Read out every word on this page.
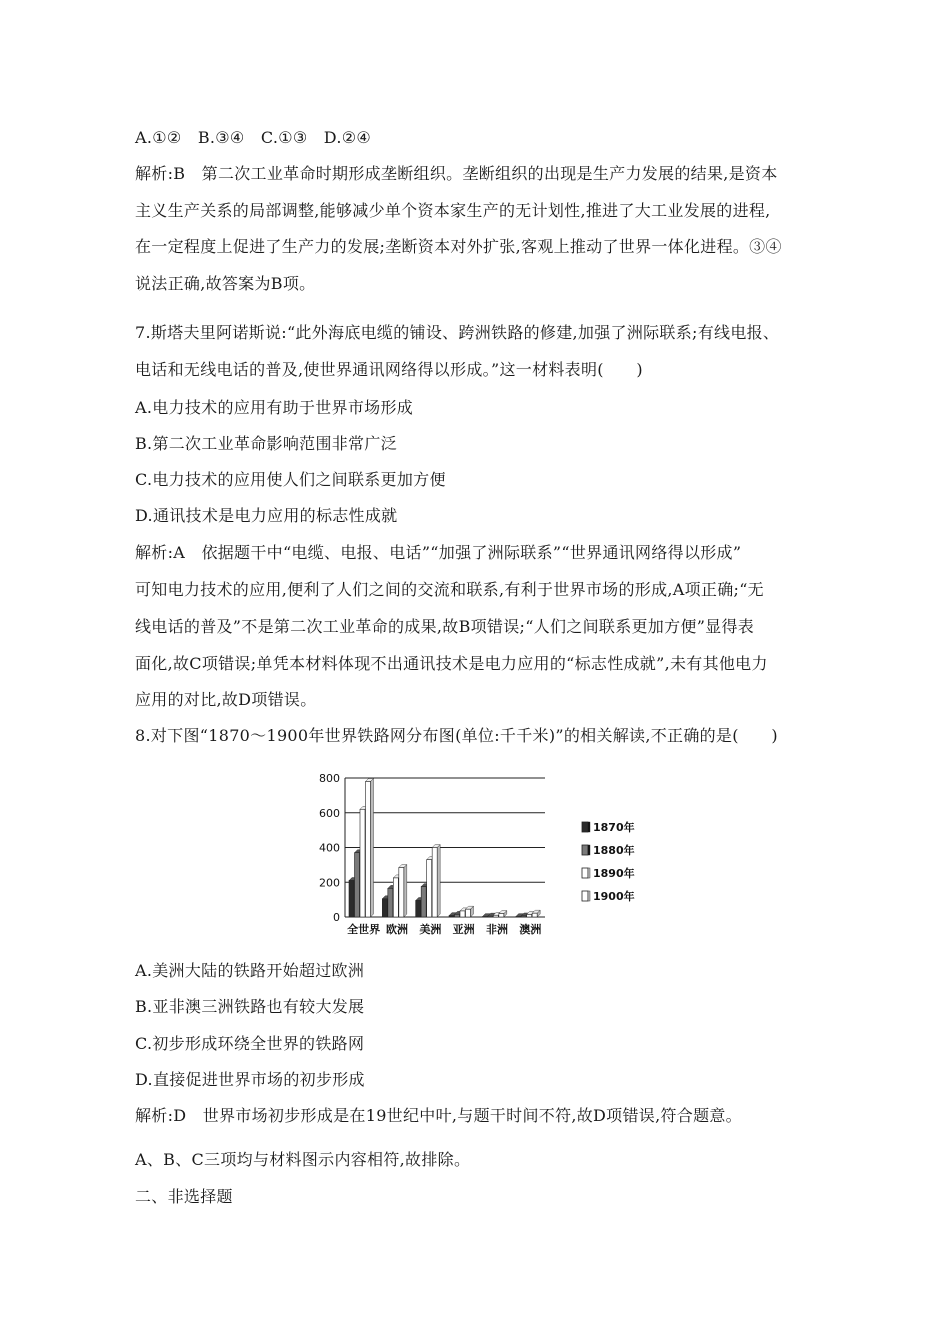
A.①②　B.③④　C.①③　D.②④
解析:B　第二次工业革命时期形成垄断组织。垄断组织的出现是生产力发展的结果,是资本
主义生产关系的局部调整,能够减少单个资本家生产的无计划性,推进了大工业发展的进程,
在一定程度上促进了生产力的发展;垄断资本对外扩张,客观上推动了世界一体化进程。③④
说法正确,故答案为B项。
7.斯塔夫里阿诺斯说:“此外海底电缆的铺设、跨洲铁路的修建,加强了洲际联系;有线电报、
电话和无线电话的普及,使世界通讯网络得以形成。”这一材料表明(　　)
A.电力技术的应用有助于世界市场形成
B.第二次工业革命影响范围非常广泛
C.电力技术的应用使人们之间联系更加方便
D.通讯技术是电力应用的标志性成就
解析:A　依据题干中“电缆、电报、电话”“加强了洲际联系”“世界通讯网络得以形成”
可知电力技术的应用,便利了人们之间的交流和联系,有利于世界市场的形成,A项正确;“无
线电话的普及”不是第二次工业革命的成果,故B项错误;“人们之间联系更加方便”显得表
面化,故C项错误;单凭本材料体现不出通讯技术是电力应用的“标志性成就”,未有其他电力
应用的对比,故D项错误。
8.对下图“1870～1900年世界铁路网分布图(单位:千千米)”的相关解读,不正确的是(　　)
0
200
400
600
800
全世界 欧洲 美洲 亚洲 非洲 澳洲
1870年
1880年
1890年
1900年
A.美洲大陆的铁路开始超过欧洲
B.亚非澳三洲铁路也有较大发展
C.初步形成环绕全世界的铁路网
D.直接促进世界市场的初步形成
解析:D　世界市场初步形成是在19世纪中叶,与题干时间不符,故D项错误,符合题意。
A、B、C三项均与材料图示内容相符,故排除。
二、非选择题
